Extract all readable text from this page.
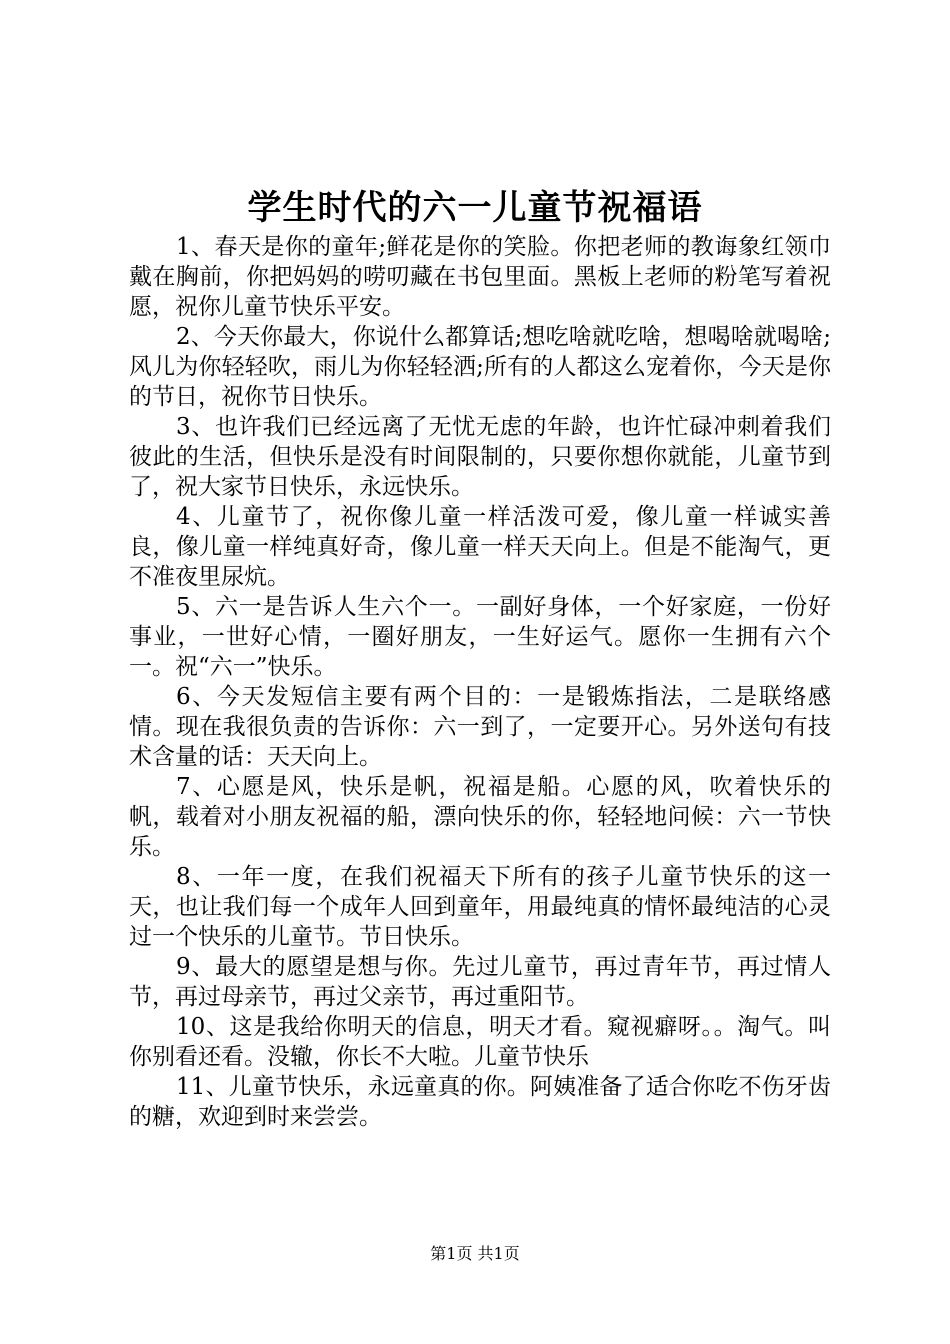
学生时代的六一儿童节祝福语

1、春天是你的童年;鲜花是你的笑脸。你把老师的教诲象红领巾戴在胸前，你把妈妈的唠叨藏在书包里面。黑板上老师的粉笔写着祝愿，祝你儿童节快乐平安。

2、今天你最大，你说什么都算话;想吃啥就吃啥，想喝啥就喝啥;风儿为你轻轻吹，雨儿为你轻轻洒;所有的人都这么宠着你，今天是你的节日，祝你节日快乐。

3、也许我们已经远离了无忧无虑的年龄，也许忙碌冲刺着我们彼此的生活，但快乐是没有时间限制的，只要你想你就能，儿童节到了，祝大家节日快乐，永远快乐。

4、儿童节了，祝你像儿童一样活泼可爱，像儿童一样诚实善良，像儿童一样纯真好奇，像儿童一样天天向上。但是不能淘气，更不准夜里尿炕。

5、六一是告诉人生六个一。一副好身体，一个好家庭，一份好事业，一世好心情，一圈好朋友，一生好运气。愿你一生拥有六个一。祝“六一”快乐。

6、今天发短信主要有两个目的：一是锻炼指法，二是联络感情。现在我很负责的告诉你：六一到了，一定要开心。另外送句有技术含量的话：天天向上。

7、心愿是风，快乐是帆，祝福是船。心愿的风，吹着快乐的帆，载着对小朋友祝福的船，漂向快乐的你，轻轻地问候：六一节快乐。

8、一年一度，在我们祝福天下所有的孩子儿童节快乐的这一天，也让我们每一个成年人回到童年，用最纯真的情怀最纯洁的心灵过一个快乐的儿童节。节日快乐。

9、最大的愿望是想与你。先过儿童节，再过青年节，再过情人节，再过母亲节，再过父亲节，再过重阳节。

10、这是我给你明天的信息，明天才看。窥视癖呀。。淘气。叫你别看还看。没辙，你长不大啦。儿童节快乐

11、儿童节快乐，永远童真的你。阿姨准备了适合你吃不伤牙齿的糖，欢迎到时来尝尝。

第1页 共1页
